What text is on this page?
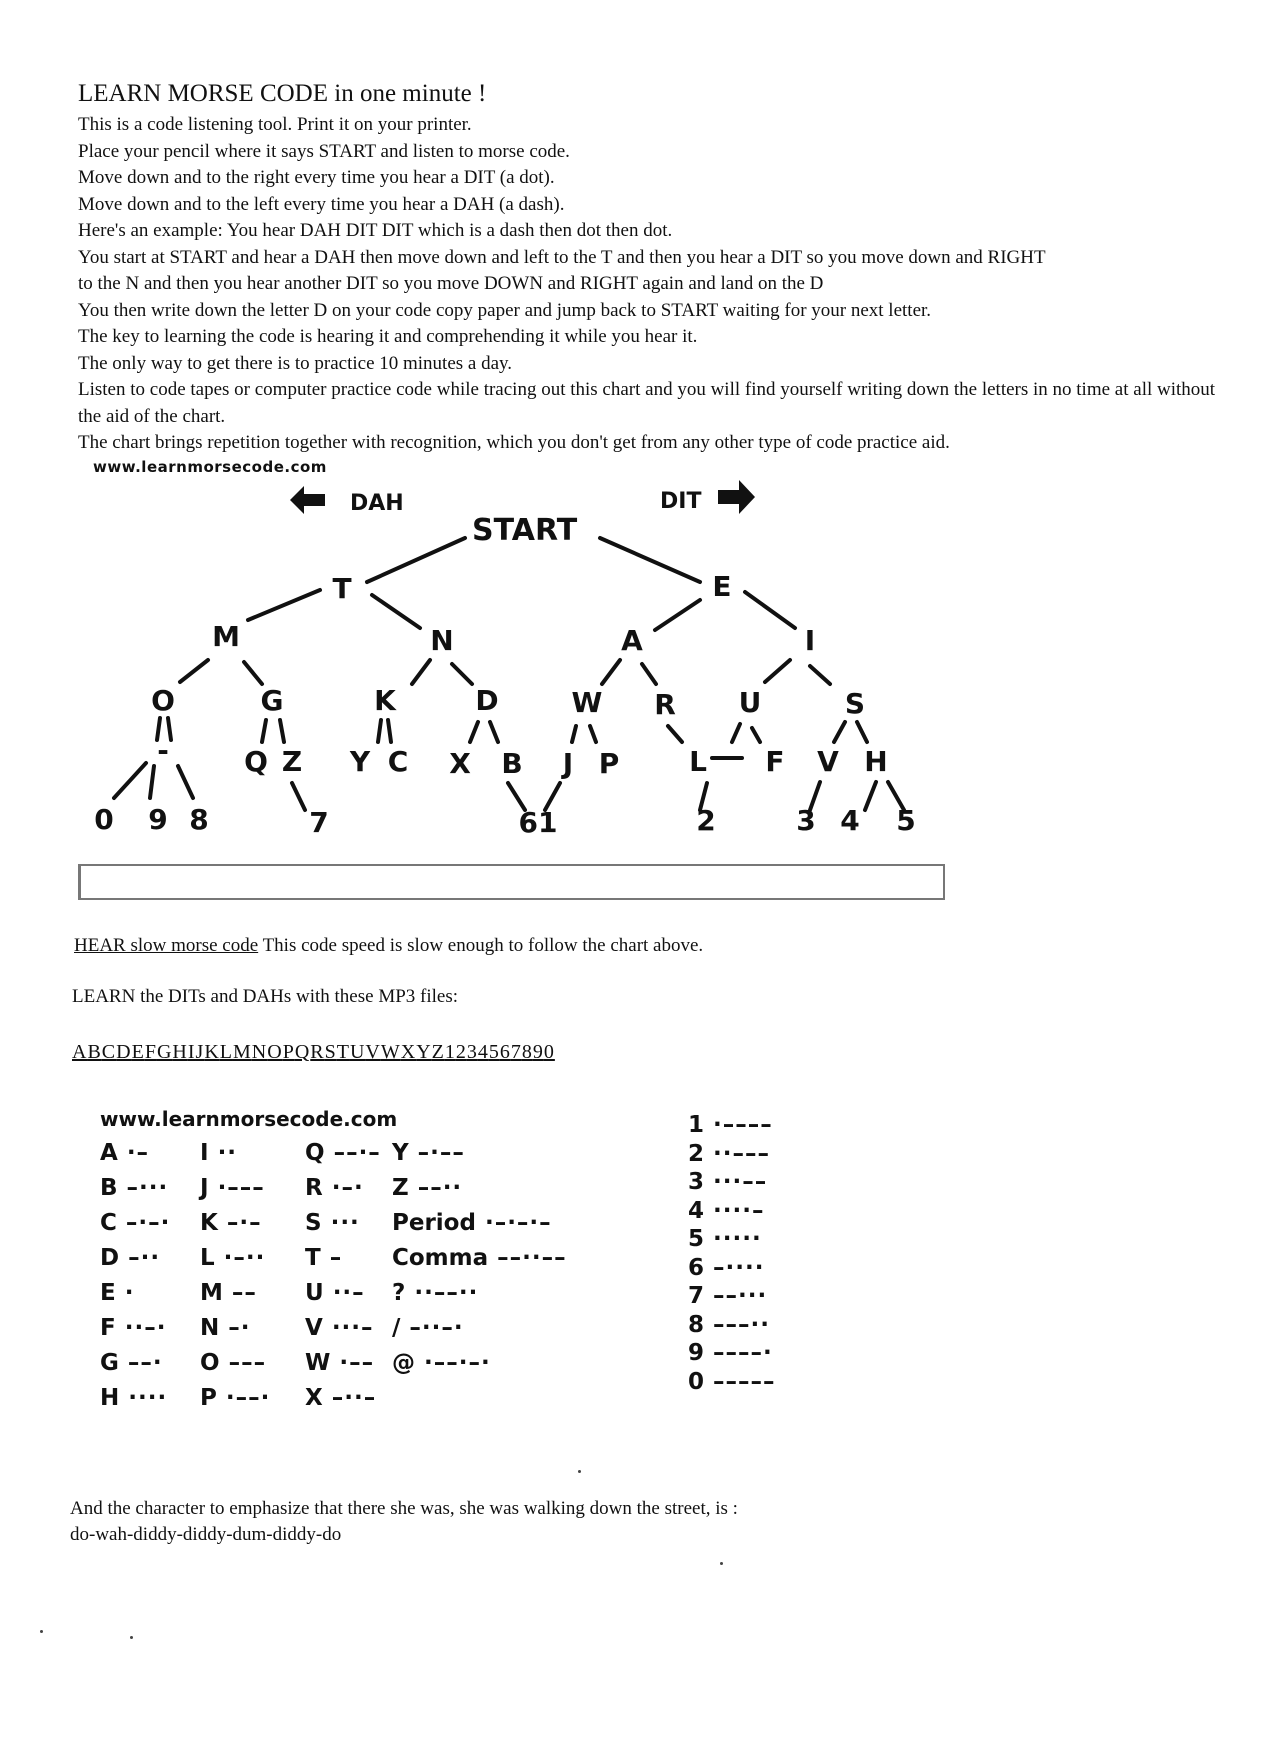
LEARN MORSE CODE in one minute !
This is a code listening tool. Print it on your printer.
Place your pencil where it says START and listen to morse code.
Move down and to the right every time you hear a DIT (a dot).
Move down and to the left every time you hear a DAH (a dash).
Here's an example: You hear DAH DIT DIT which is a dash then dot then dot.
You start at START and hear a DAH then move down and left to the T and then you hear a DIT so you move down and RIGHT
to the N and then you hear another DIT so you move DOWN and RIGHT again and land on the D
You then write down the letter D on your code copy paper and jump back to START waiting for your next letter.
The key to learning the code is hearing it and comprehending it while you hear it.
The only way to get there is to practice 10 minutes a day.
Listen to code tapes or computer practice code while tracing out this chart and you will find yourself writing down the letters in no time at all without the aid of the chart.
The chart brings repetition together with recognition, which you don't get from any other type of code practice aid.
www.learnmorsecode.com
DAH	DIT
START
T	E
M	N	A	I
O	G	K	D	W R U	S
-	Q Z Y C X B J P L F V H
0 9 8	7	61	2	3 4 5
HEAR slow morse code This code speed is slow enough to follow the chart above.
LEARN the DITs and DAHs with these MP3 files:
ABCDEFGHIJKLMNOPQRSTUVWXYZ1234567890
www.learnmorsecode.com
A ·–
B –···
C –·–·
D –··
E ·
F ··–·
G ––·
H ····
I ··
J ·–––
K –·–
L ·–··
M ––
N –·
O –––
P ·––·
Q ––·–
R ·–·
S ···
T –
U ··–
V ···–
W ·––
X –··–
Y –·––
Z ––··
Period ·–·–·–
Comma ––··––
? ··––··
/ –··–·
@ ·––·–·
1 ·––––
2 ··–––
3 ···––
4 ····–
5 ·····
6 –····
7 ––···
8 –––··
9 ––––·
0 –––––
And the character to emphasize that there she was, she was walking down the street, is :
do-wah-diddy-diddy-dum-diddy-do
